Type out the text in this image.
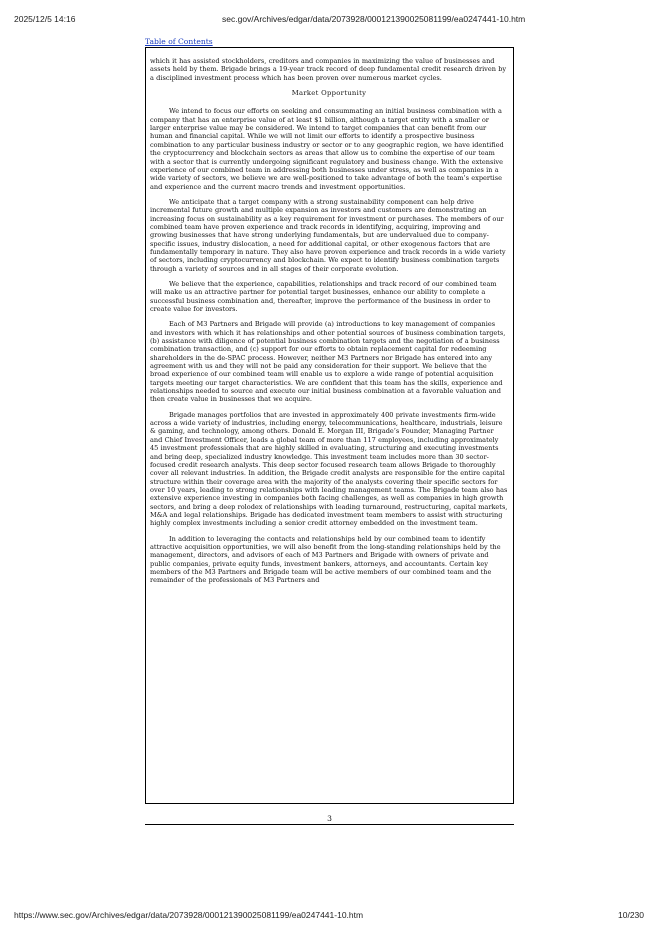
2025/12/5 14:16	sec.gov/Archives/edgar/data/2073928/000121390025081199/ea0247441-10.htm
Table of Contents

which it has assisted stockholders, creditors and companies in maximizing the value of businesses and assets held by them. Brigade brings a 19-year track record of deep fundamental credit research driven by a disciplined investment process which has been proven over numerous market cycles.

Market Opportunity

We intend to focus our efforts on seeking and consummating an initial business combination with a company that has an enterprise value of at least $1 billion, although a target entity with a smaller or larger enterprise value may be considered. We intend to target companies that can benefit from our human and financial capital. While we will not limit our efforts to identify a prospective business combination to any particular business industry or sector or to any geographic region, we have identified the cryptocurrency and blockchain sectors as areas that allow us to combine the expertise of our team with a sector that is currently undergoing significant regulatory and business change. With the extensive experience of our combined team in addressing both businesses under stress, as well as companies in a wide variety of sectors, we believe we are well-positioned to take advantage of both the team’s expertise and experience and the current macro trends and investment opportunities.

We anticipate that a target company with a strong sustainability component can help drive incremental future growth and multiple expansion as investors and customers are demonstrating an increasing focus on sustainability as a key requirement for investment or purchases. The members of our combined team have proven experience and track records in identifying, acquiring, improving and growing businesses that have strong underlying fundamentals, but are undervalued due to company-specific issues, industry dislocation, a need for additional capital, or other exogenous factors that are fundamentally temporary in nature. They also have proven experience and track records in a wide variety of sectors, including cryptocurrency and blockchain. We expect to identify business combination targets through a variety of sources and in all stages of their corporate evolution.

We believe that the experience, capabilities, relationships and track record of our combined team will make us an attractive partner for potential target businesses, enhance our ability to complete a successful business combination and, thereafter, improve the performance of the business in order to create value for investors.

Each of M3 Partners and Brigade will provide (a) introductions to key management of companies and investors with which it has relationships and other potential sources of business combination targets, (b) assistance with diligence of potential business combination targets and the negotiation of a business combination transaction, and (c) support for our efforts to obtain replacement capital for redeeming shareholders in the de-SPAC process. However, neither M3 Partners nor Brigade has entered into any agreement with us and they will not be paid any consideration for their support. We believe that the broad experience of our combined team will enable us to explore a wide range of potential acquisition targets meeting our target characteristics. We are confident that this team has the skills, experience and relationships needed to source and execute our initial business combination at a favorable valuation and then create value in businesses that we acquire.

Brigade manages portfolios that are invested in approximately 400 private investments firm-wide across a wide variety of industries, including energy, telecommunications, healthcare, industrials, leisure & gaming, and technology, among others. Donald E. Morgan III, Brigade’s Founder, Managing Partner and Chief Investment Officer, leads a global team of more than 117 employees, including approximately 45 investment professionals that are highly skilled in evaluating, structuring and executing investments and bring deep, specialized industry knowledge. This investment team includes more than 30 sector-focused credit research analysts. This deep sector focused research team allows Brigade to thoroughly cover all relevant industries. In addition, the Brigade credit analysts are responsible for the entire capital structure within their coverage area with the majority of the analysts covering their specific sectors for over 10 years, leading to strong relationships with leading management teams. The Brigade team also has extensive experience investing in companies both facing challenges, as well as companies in high growth sectors, and bring a deep rolodex of relationships with leading turnaround, restructuring, capital markets, M&A and legal relationships. Brigade has dedicated investment team members to assist with structuring highly complex investments including a senior credit attorney embedded on the investment team.

In addition to leveraging the contacts and relationships held by our combined team to identify attractive acquisition opportunities, we will also benefit from the long-standing relationships held by the management, directors, and advisors of each of M3 Partners and Brigade with owners of private and public companies, private equity funds, investment bankers, attorneys, and accountants. Certain key members of the M3 Partners and Brigade team will be active members of our combined team and the remainder of the professionals of M3 Partners and

3
https://www.sec.gov/Archives/edgar/data/2073928/000121390025081199/ea0247441-10.htm	10/230
